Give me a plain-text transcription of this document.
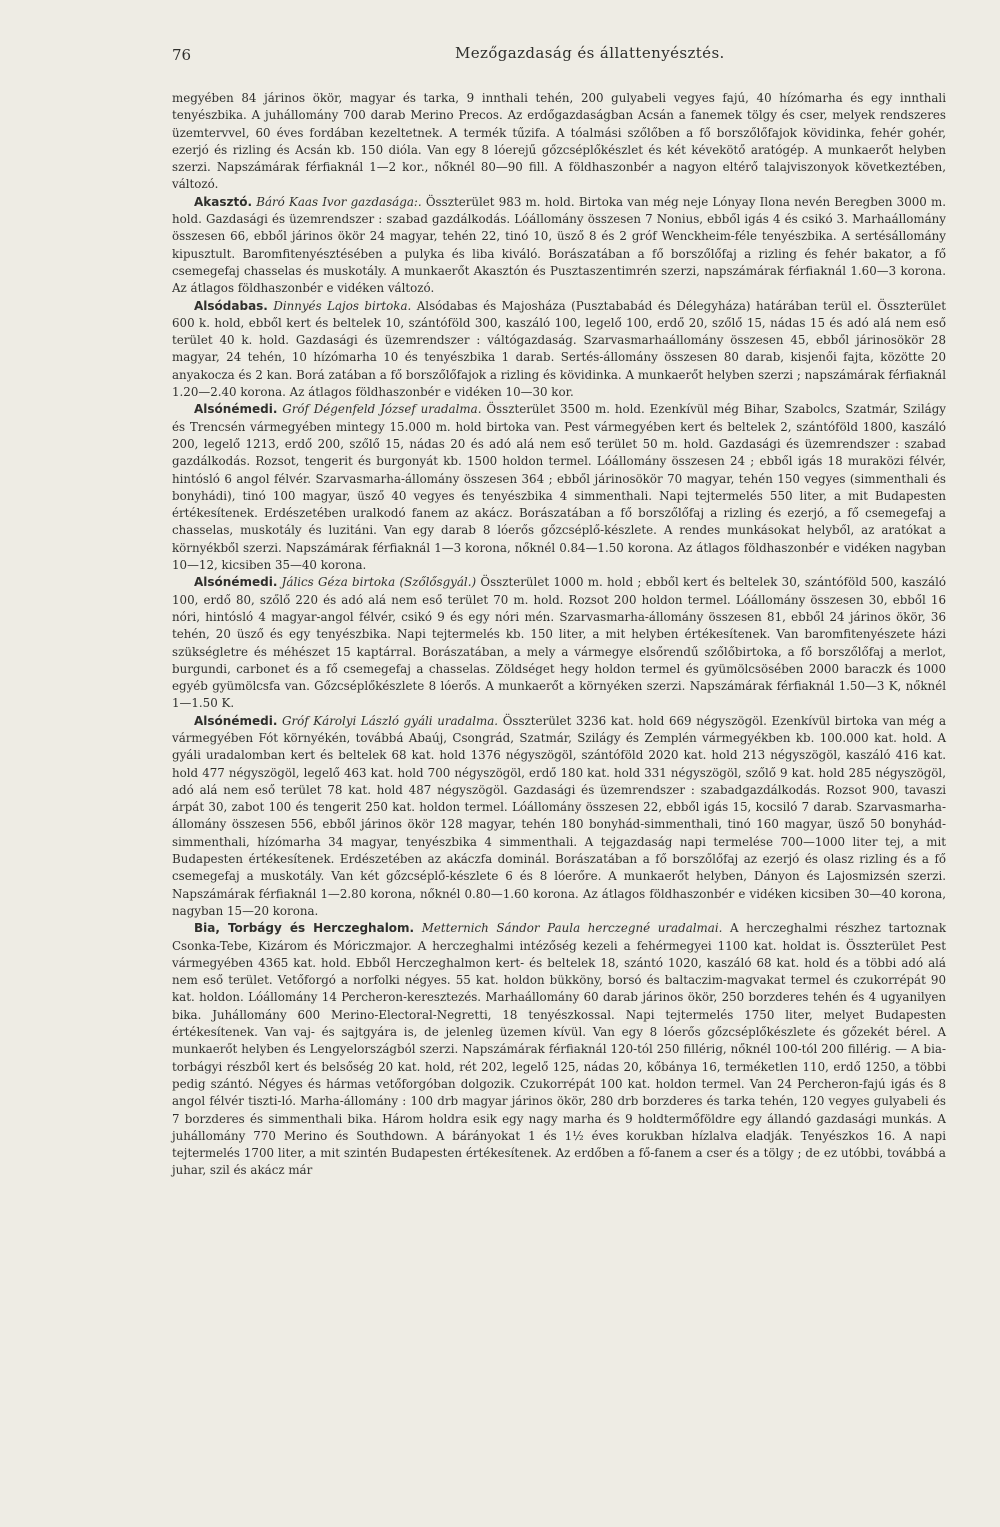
76	Mezőgazdaság és állattenyésztés.

megyében 84 járinos ökör, magyar és tarka, 9 innthali tehén, 200 gulyabeli vegyes fajú, 40 hízómarha és egy innthali tenyészbika. A juhállomány 700 darab Merino Precos. Az erdőgazdaságban Acsán a fanemek tölgy és cser, melyek rendszeres üzemtervvel, 60 éves fordában kezeltetnek. A termék tűzifa. A tóalmási szőlőben a fő borszőlőfajok kövidinka, fehér gohér, ezerjó és rizling és Acsán kb. 150 dióla. Van egy 8 lóerejű gőzcséplőkészlet és két kévekötő aratógép. A munkaerőt helyben szerzi. Napszámárak férfiaknál 1—2 kor., nőknél 80—90 fill. A földhaszonbér a nagyon eltérő talajviszonyok következtében, változó.

Akasztó. Báró Kaas Ivor gazdasága:. Összterület 983 m. hold. Birtoka van még neje Lónyay Ilona nevén Beregben 3000 m. hold. Gazdasági és üzemrendszer : szabad gazdálkodás. Lóállomány összesen 7 Nonius, ebből igás 4 és csikó 3. Marhaállomány összesen 66, ebből járinos ökör 24 magyar, tehén 22, tinó 10, üsző 8 és 2 gróf Wenckheim-féle tenyészbika. A sertésállomány kipusztult. Baromfitenyésztésében a pulyka és liba kiváló. Borászatában a fő borszőlőfaj a rizling és fehér bakator, a fő csemegefaj chasselas és muskotály. A munkaerőt Akasztón és Pusztaszentimrén szerzi, napszámárak férfiaknál 1.60—3 korona. Az átlagos földhaszonbér e vidéken változó.

Alsódabas. Dinnyés Lajos birtoka. Alsódabas és Majosháza (Pusztababád és Délegyháza) határában terül el. Összterület 600 k. hold, ebből kert és beltelek 10, szántóföld 300, kaszáló 100, legelő 100, erdő 20, szőlő 15, nádas 15 és adó alá nem eső terület 40 k. hold. Gazdasági és üzemrendszer : váltógazdaság. Szarvasmarhaállomány összesen 45, ebből járinosökör 28 magyar, 24 tehén, 10 hízómarha 10 és tenyészbika 1 darab. Sertés-állomány összesen 80 darab, kisjenői fajta, közötte 20 anyakocza és 2 kan. Borá zatában a fő borszőlőfajok a rizling és kövidinka. A munkaerőt helyben szerzi ; napszámárak férfiaknál 1.20—2.40 korona. Az átlagos földhaszonbér e vidéken 10—30 kor.

Alsónémedi. Gróf Dégenfeld József uradalma. Összterület 3500 m. hold. Ezenkívül még Bihar, Szabolcs, Szatmár, Szilágy és Trencsén vármegyében mintegy 15.000 m. hold birtoka van. Pest vármegyében kert és beltelek 2, szántóföld 1800, kaszáló 200, legelő 1213, erdő 200, szőlő 15, nádas 20 és adó alá nem eső terület 50 m. hold. Gazdasági és üzemrendszer : szabad gazdálkodás. Rozsot, tengerit és burgonyát kb. 1500 holdon termel. Lóállomány összesen 24 ; ebből igás 18 muraközi félvér, hintósló 6 angol félvér. Szarvasmarha-állomány összesen 364 ; ebből járinosökör 70 magyar, tehén 150 vegyes (simmenthali és bonyhádi), tinó 100 magyar, üsző 40 vegyes és tenyészbika 4 simmenthali. Napi tejtermelés 550 liter, a mit Budapesten értékesítenek. Erdészetében uralkodó fanem az akácz. Borászatában a fő borszőlőfaj a rizling és ezerjó, a fő csemegefaj a chasselas, muskotály és luzitáni. Van egy darab 8 lóerős gőzcséplő-készlete. A rendes munkásokat helyből, az aratókat a környékből szerzi. Napszámárak férfiaknál 1—3 korona, nőknél 0.84—1.50 korona. Az átlagos földhaszonbér e vidéken nagyban 10—12, kicsiben 35—40 korona.

Alsónémedi. Jálics Géza birtoka (Szőlősgyál.) Összterület 1000 m. hold ; ebből kert és beltelek 30, szántóföld 500, kaszáló 100, erdő 80, szőlő 220 és adó alá nem eső terület 70 m. hold. Rozsot 200 holdon termel. Lóállomány összesen 30, ebből 16 nóri, hintósló 4 magyar-angol félvér, csikó 9 és egy nóri mén. Szarvasmarha-állomány összesen 81, ebből 24 járinos ökör, 36 tehén, 20 üsző és egy tenyészbika. Napi tejtermelés kb. 150 liter, a mit helyben értékesítenek. Van baromfitenyészete házi szükségletre és méhészet 15 kaptárral. Borászatában, a mely a vármegye elsőrendű szőlőbirtoka, a fő borszőlőfaj a merlot, burgundi, carbonet és a fő csemegefaj a chasselas. Zöldséget hegy holdon termel és gyümölcsösében 2000 baraczk és 1000 egyéb gyümölcsfa van. Gőzcséplőkészlete 8 lóerős. A munkaerőt a környéken szerzi. Napszámárak férfiaknál 1.50—3 K, nőknél 1—1.50 K.

Alsónémedi. Gróf Károlyi László gyáli uradalma. Összterület 3236 kat. hold 669 négyszögöl. Ezenkívül birtoka van még a vármegyében Fót környékén, továbbá Abaúj, Csongrád, Szatmár, Szilágy és Zemplén vármegyékben kb. 100.000 kat. hold. A gyáli uradalomban kert és beltelek 68 kat. hold 1376 négyszögöl, szántóföld 2020 kat. hold 213 négyszögöl, kaszáló 416 kat. hold 477 négyszögöl, legelő 463 kat. hold 700 négyszögöl, erdő 180 kat. hold 331 négyszögöl, szőlő 9 kat. hold 285 négyszögöl, adó alá nem eső terület 78 kat. hold 487 négyszögöl. Gazdasági és üzemrendszer : szabadgazdálkodás. Rozsot 900, tavaszi árpát 30, zabot 100 és tengerit 250 kat. holdon termel. Lóállomány összesen 22, ebből igás 15, kocsiló 7 darab. Szarvasmarha-állomány összesen 556, ebből járinos ökör 128 magyar, tehén 180 bonyhád-simmenthali, tinó 160 magyar, üsző 50 bonyhád-simmenthali, hízómarha 34 magyar, tenyészbika 4 simmenthali. A tejgazdaság napi termelése 700—1000 liter tej, a mit Budapesten értékesítenek. Erdészetében az akáczfa dominál. Borászatában a fő borszőlőfaj az ezerjó és olasz rizling és a fő csemegefaj a muskotály. Van két gőzcséplő-készlete 6 és 8 lóerőre. A munkaerőt helyben, Dányon és Lajosmizsén szerzi. Napszámárak férfiaknál 1—2.80 korona, nőknél 0.80—1.60 korona. Az átlagos földhaszonbér e vidéken kicsiben 30—40 korona, nagyban 15—20 korona.

Bia, Torbágy és Herczeghalom. Metternich Sándor Paula herczegné uradalmai. A herczeghalmi részhez tartoznak Csonka-Tebe, Kizárom és Móriczmajor. A herczeghalmi intézőség kezeli a fehérmegyei 1100 kat. holdat is. Összterület Pest vármegyében 4365 kat. hold. Ebből Herczeghalmon kert- és beltelek 18, szántó 1020, kaszáló 68 kat. hold és a többi adó alá nem eső terület. Vetőforgó a norfolki négyes. 55 kat. holdon bükköny, borsó és baltaczim-magvakat termel és czukorrépát 90 kat. holdon. Lóállomány 14 Percheron-keresztezés. Marhaállomány 60 darab járinos ökör, 250 borzderes tehén és 4 ugyanilyen bika. Juhállomány 600 Merino-Electoral-Negretti, 18 tenyészkossal. Napi tejtermelés 1750 liter, melyet Budapesten értékesítenek. Van vaj- és sajtgyára is, de jelenleg üzemen kívül. Van egy 8 lóerős gőzcséplőkészlete és gőzekét bérel. A munkaerőt helyben és Lengyelországból szerzi. Napszámárak férfiaknál 120-tól 250 fillérig, nőknél 100-tól 200 fillérig. — A bia-torbágyi részből kert és belsőség 20 kat. hold, rét 202, legelő 125, nádas 20, kőbánya 16, terméketlen 110, erdő 1250, a többi pedig szántó. Négyes és hármas vetőforgóban dolgozik. Czukorrépát 100 kat. holdon termel. Van 24 Percheron-fajú igás és 8 angol félvér tiszti-ló. Marha-állomány : 100 drb magyar járinos ökör, 280 drb borzderes és tarka tehén, 120 vegyes gulyabeli és 7 borzderes és simmenthali bika. Három holdra esik egy nagy marha és 9 holdtermőföldre egy állandó gazdasági munkás. A juhállomány 770 Merino és Southdown. A bárányokat 1 és 1½ éves korukban hízlalva eladják. Tenyészkos 16. A napi tejtermelés 1700 liter, a mit szintén Budapesten értékesítenek. Az erdőben a fő-fanem a cser és a tölgy ; de ez utóbbi, továbbá a juhar, szil és akácz már
